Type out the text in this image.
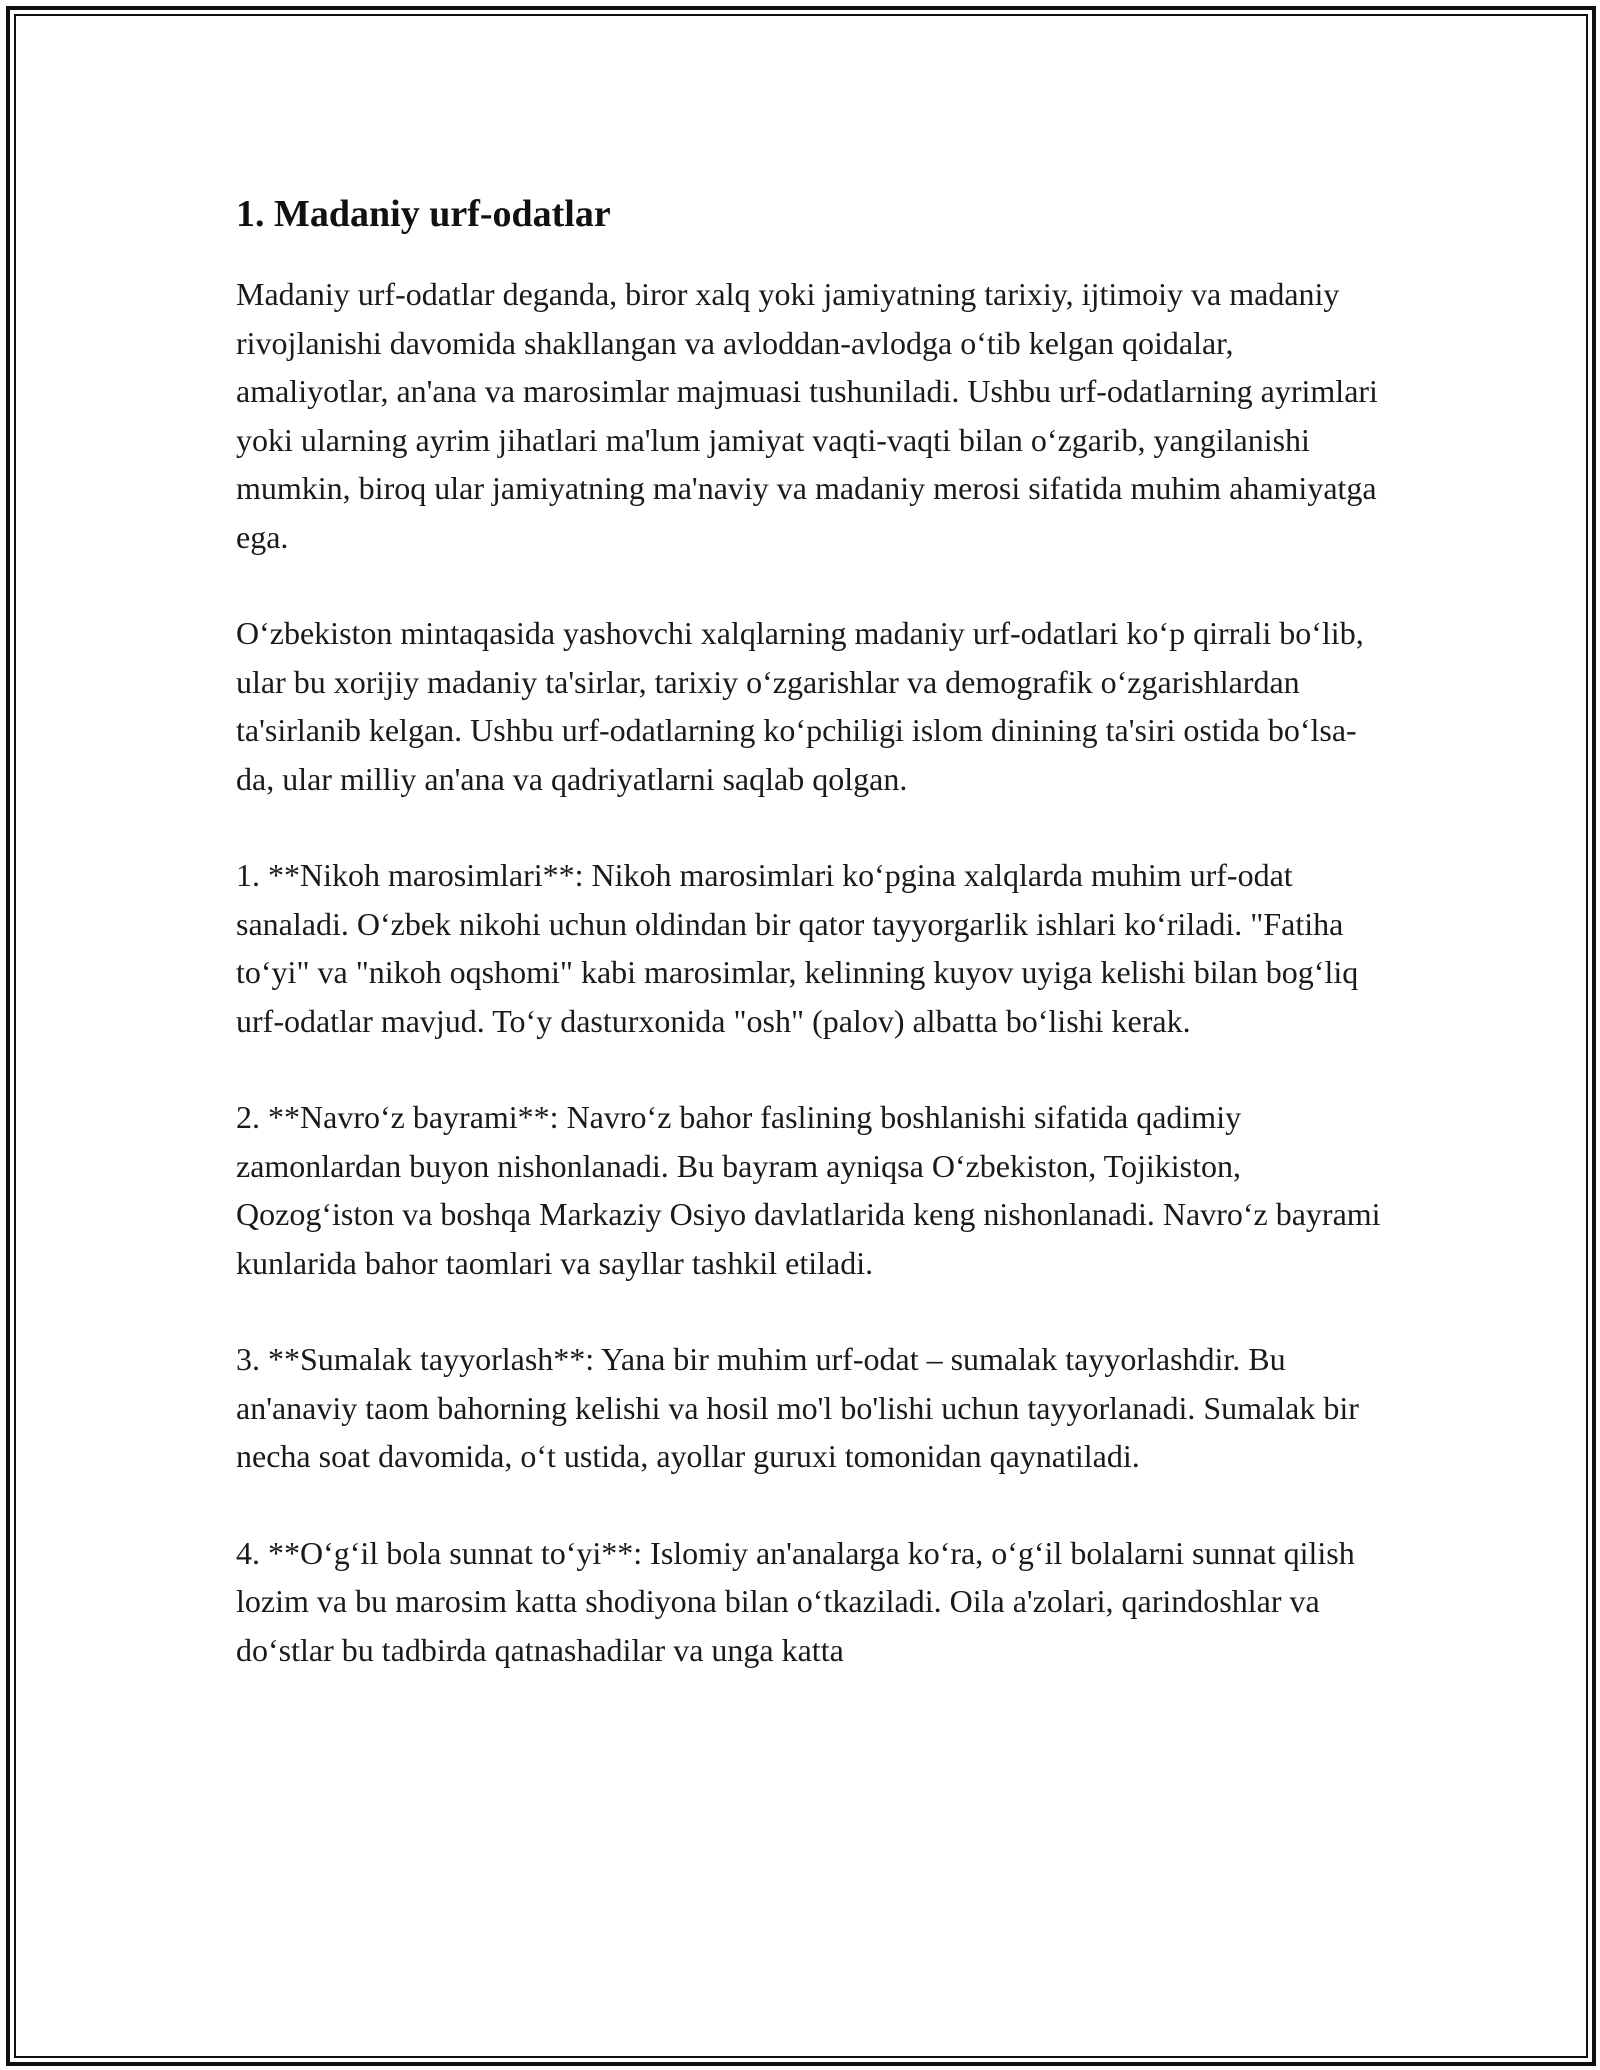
1. Madaniy urf-odatlar

Madaniy urf-odatlar deganda, biror xalq yoki jamiyatning tarixiy, ijtimoiy va madaniy rivojlanishi davomida shakllangan va avloddan-avlodga oʻtib kelgan qoidalar, amaliyotlar, an'ana va marosimlar majmuasi tushuniladi. Ushbu urf-odatlarning ayrimlari yoki ularning ayrim jihatlari ma'lum jamiyat vaqti-vaqti bilan oʻzgarib, yangilanishi mumkin, biroq ular jamiyatning ma'naviy va madaniy merosi sifatida muhim ahamiyatga ega.

Oʻzbekiston mintaqasida yashovchi xalqlarning madaniy urf-odatlari koʻp qirrali boʻlib, ular bu xorijiy madaniy ta'sirlar, tarixiy oʻzgarishlar va demografik oʻzgarishlardan ta'sirlanib kelgan. Ushbu urf-odatlarning koʻpchiligi islom dinining ta'siri ostida boʻlsa-da, ular milliy an'ana va qadriyatlarni saqlab qolgan.

1. **Nikoh marosimlari**: Nikoh marosimlari koʻpgina xalqlarda muhim urf-odat sanaladi. Oʻzbek nikohi uchun oldindan bir qator tayyorgarlik ishlari koʻriladi. "Fatiha toʻyi" va "nikoh oqshomi" kabi marosimlar, kelinning kuyov uyiga kelishi bilan bogʻliq urf-odatlar mavjud. Toʻy dasturxonida "osh" (palov) albatta boʻlishi kerak.

2. **Navroʻz bayrami**: Navroʻz bahor faslining boshlanishi sifatida qadimiy zamonlardan buyon nishonlanadi. Bu bayram ayniqsa Oʻzbekiston, Tojikiston, Qozogʻiston va boshqa Markaziy Osiyo davlatlarida keng nishonlanadi. Navroʻz bayrami kunlarida bahor taomlari va sayllar tashkil etiladi.

3. **Sumalak tayyorlash**: Yana bir muhim urf-odat – sumalak tayyorlashdir. Bu an'anaviy taom bahorning kelishi va hosil mo'l bo'lishi uchun tayyorlanadi. Sumalak bir necha soat davomida, oʻt ustida, ayollar guruxi tomonidan qaynatiladi.

4. **Oʻgʻil bola sunnat toʻyi**: Islomiy an'analarga koʻra, oʻgʻil bolalarni sunnat qilish lozim va bu marosim katta shodiyona bilan oʻtkaziladi. Oila a'zolari, qarindoshlar va doʻstlar bu tadbirda qatnashadilar va unga katta
